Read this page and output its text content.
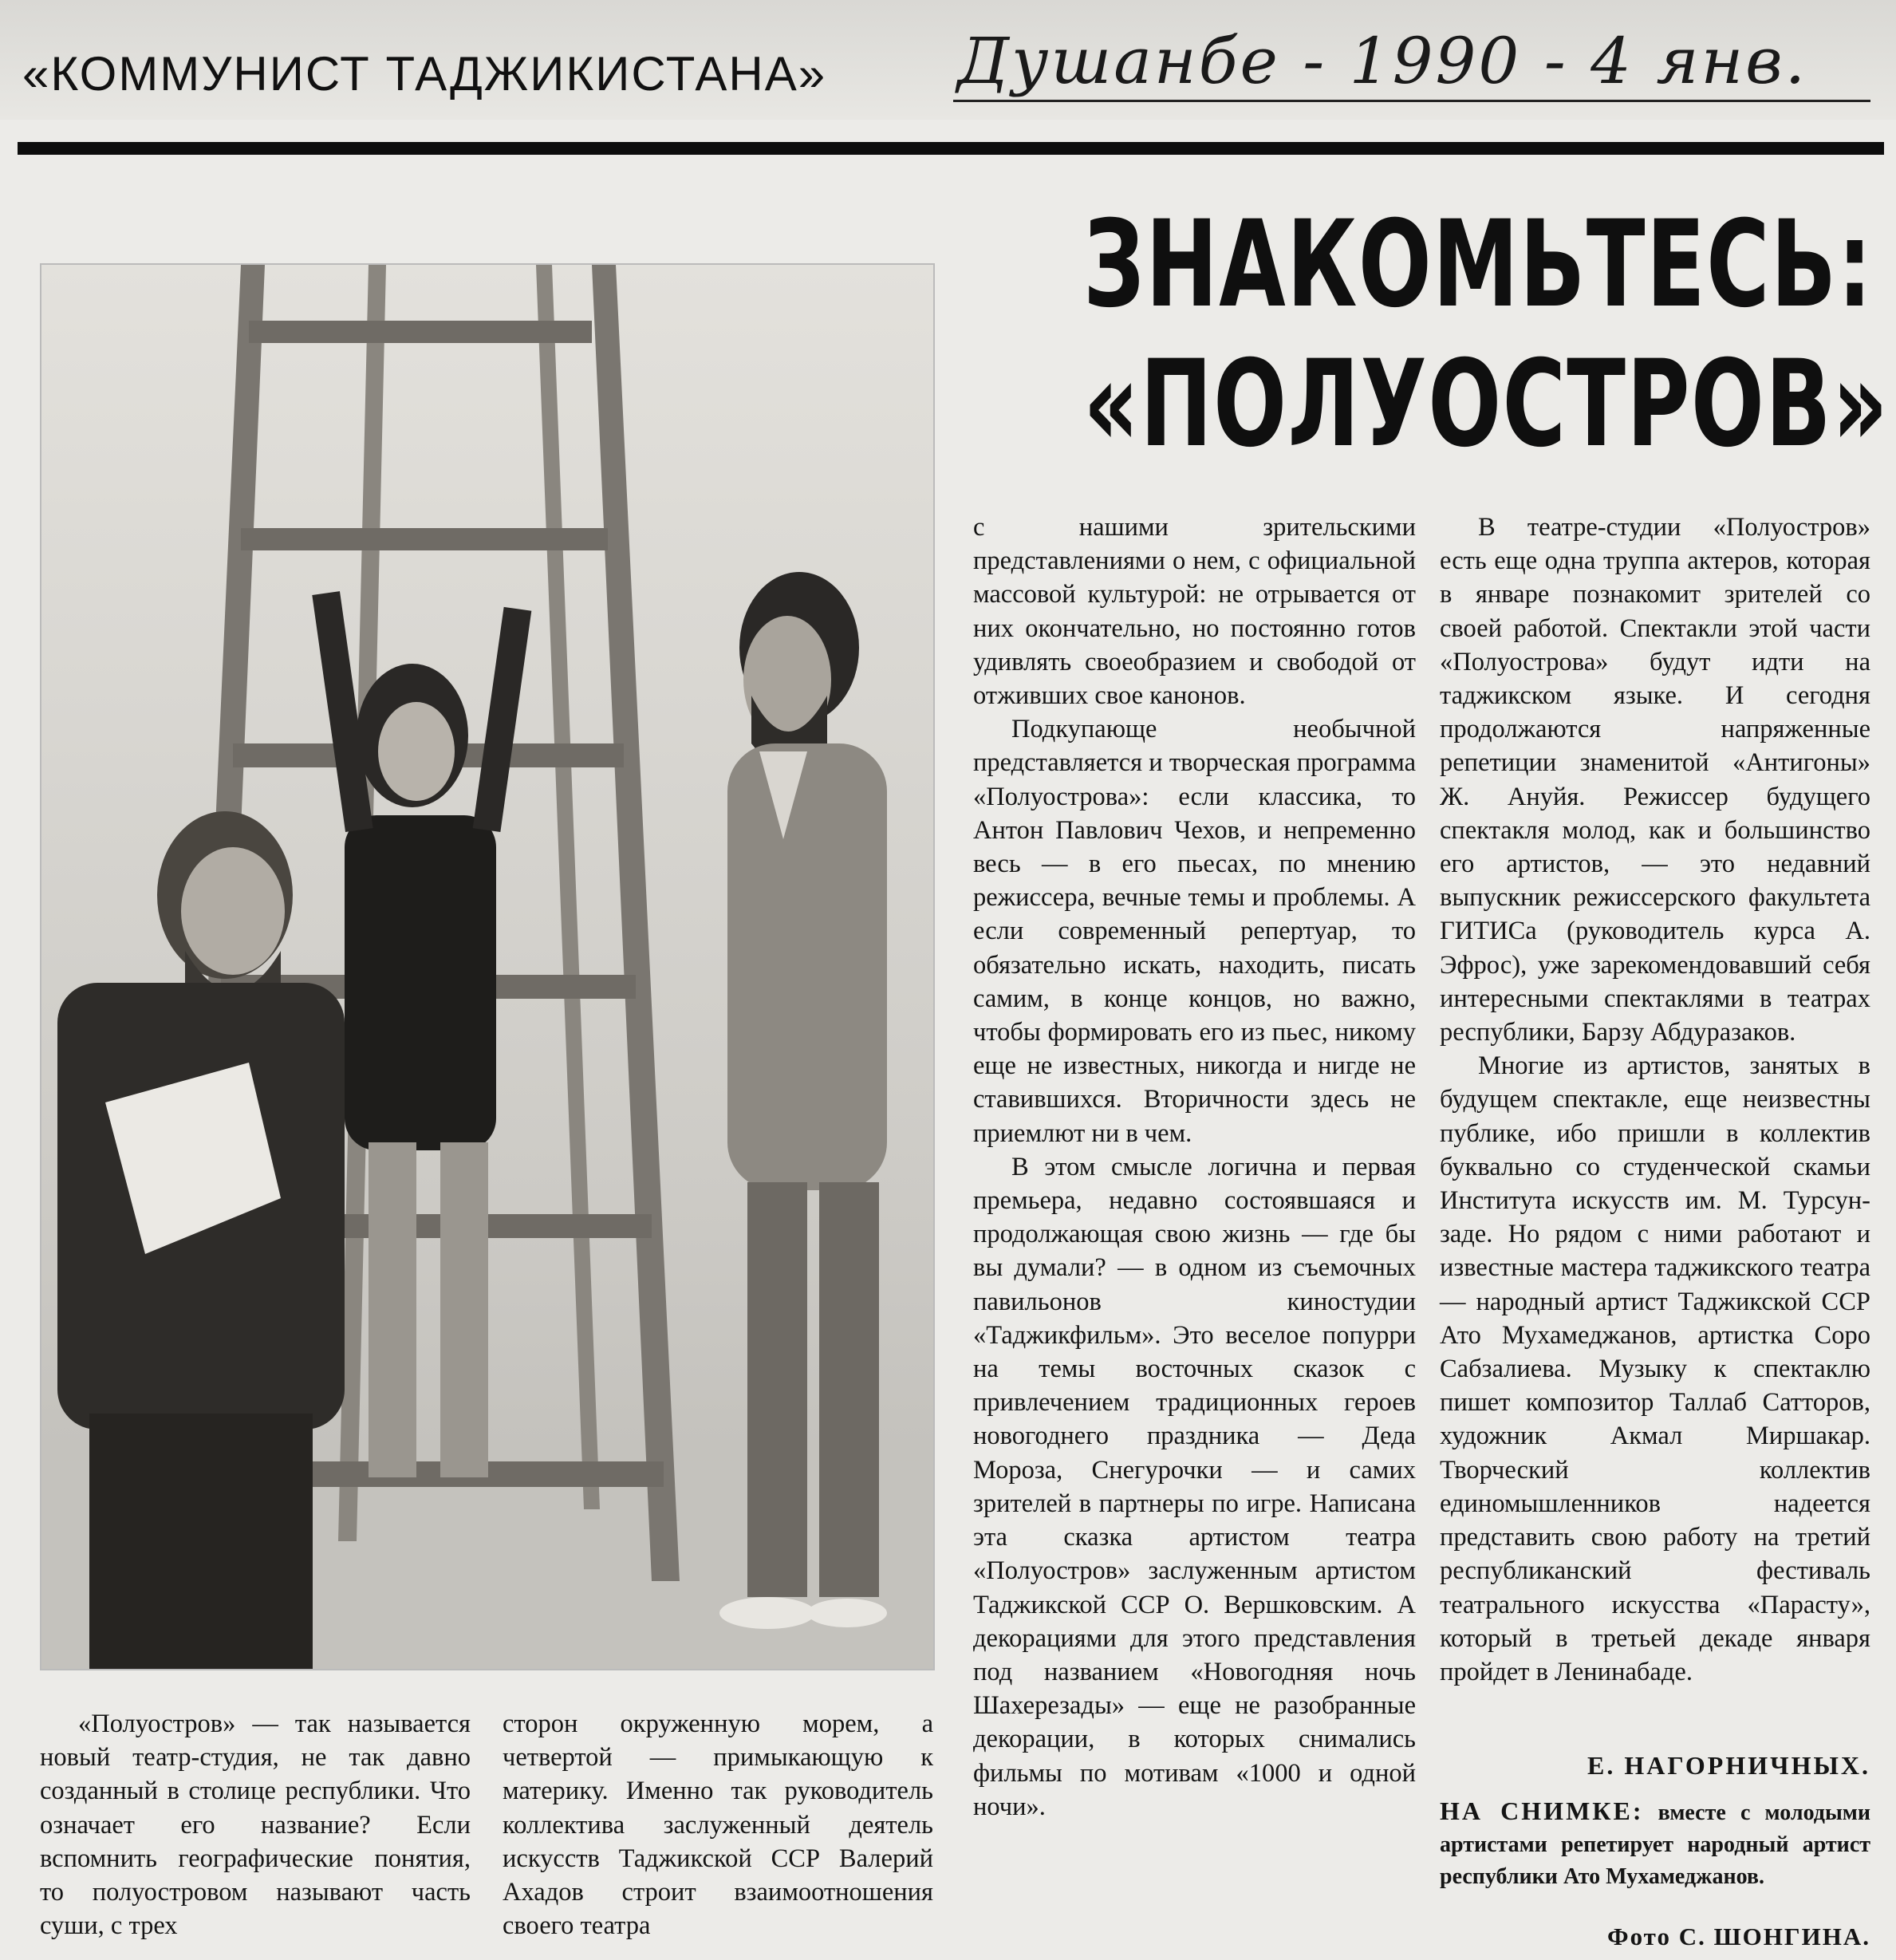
«КОММУНИСТ ТАДЖИКИСТАНА» Душанбе - 1990 - 4 янв.
ЗНАКОМЬТЕСЬ:
«ПОЛУОСТРОВ»

«Полуостров» — так называется новый театр-студия, не так давно созданный в столице республики. Что означает его название? Если вспомнить географические понятия, то полуостровом называют часть суши, с трех

сторон окруженную морем, а четвертой — примыкающую к материку. Именно так руководитель коллектива заслуженный деятель искусств Таджикской ССР Валерий Ахадов строит взаимоотношения своего театра

с нашими зрительскими представлениями о нем, с официальной массовой культурой: не отрывается от них окончательно, но постоянно готов удивлять своеобразием и свободой от отживших свое канонов.

Подкупающе необычной представляется и творческая программа «Полуострова»: если классика, то Антон Павлович Чехов, и непременно весь — в его пьесах, по мнению режиссера, вечные темы и проблемы. А если современный репертуар, то обязательно искать, находить, писать самим, в конце концов, но важно, чтобы формировать его из пьес, никому еще не известных, никогда и нигде не ставившихся. Вторичности здесь не приемлют ни в чем.

В этом смысле логична и первая премьера, недавно состоявшаяся и продолжающая свою жизнь — где бы вы думали? — в одном из съемочных павильонов киностудии «Таджикфильм». Это веселое попурри на темы восточных сказок с привлечением традиционных героев новогоднего праздника — Деда Мороза, Снегурочки — и самих зрителей в партнеры по игре. Написана эта сказка артистом театра «Полуостров» заслуженным артистом Таджикской ССР О. Вершковским. А декорациями для этого представления под названием «Новогодняя ночь Шахерезады» — еще не разобранные декорации, в которых снимались фильмы по мотивам «1000 и одной ночи».

В театре-студии «Полуостров» есть еще одна труппа актеров, которая в январе познакомит зрителей со своей работой. Спектакли этой части «Полуострова» будут идти на таджикском языке. И сегодня продолжаются напряженные репетиции знаменитой «Антигоны» Ж. Ануйя. Режиссер будущего спектакля молод, как и большинство его артистов, — это недавний выпускник режиссерского факультета ГИТИСа (руководитель курса А. Эфрос), уже зарекомендовавший себя интересными спектаклями в театрах республики, Барзу Абдуразаков.

Многие из артистов, занятых в будущем спектакле, еще неизвестны публике, ибо пришли в коллектив буквально со студенческой скамьи Института искусств им. М. Турсун-заде. Но рядом с ними работают и известные мастера таджикского театра — народный артист Таджикской ССР Ато Мухамеджанов, артистка Соро Сабзалиева. Музыку к спектаклю пишет композитор Таллаб Сатторов, художник Акмал Миршакар. Творческий коллектив единомышленников надеется представить свою работу на третий республиканский фестиваль театрального искусства «Парасту», который в третьей декаде января пройдет в Ленинабаде.

Е. НАГОРНИЧНЫХ.
НА СНИМКЕ: вместе с молодыми артистами репетирует народный артист республики Ато Мухамеджанов.
Фото С. ШОНГИНА.
